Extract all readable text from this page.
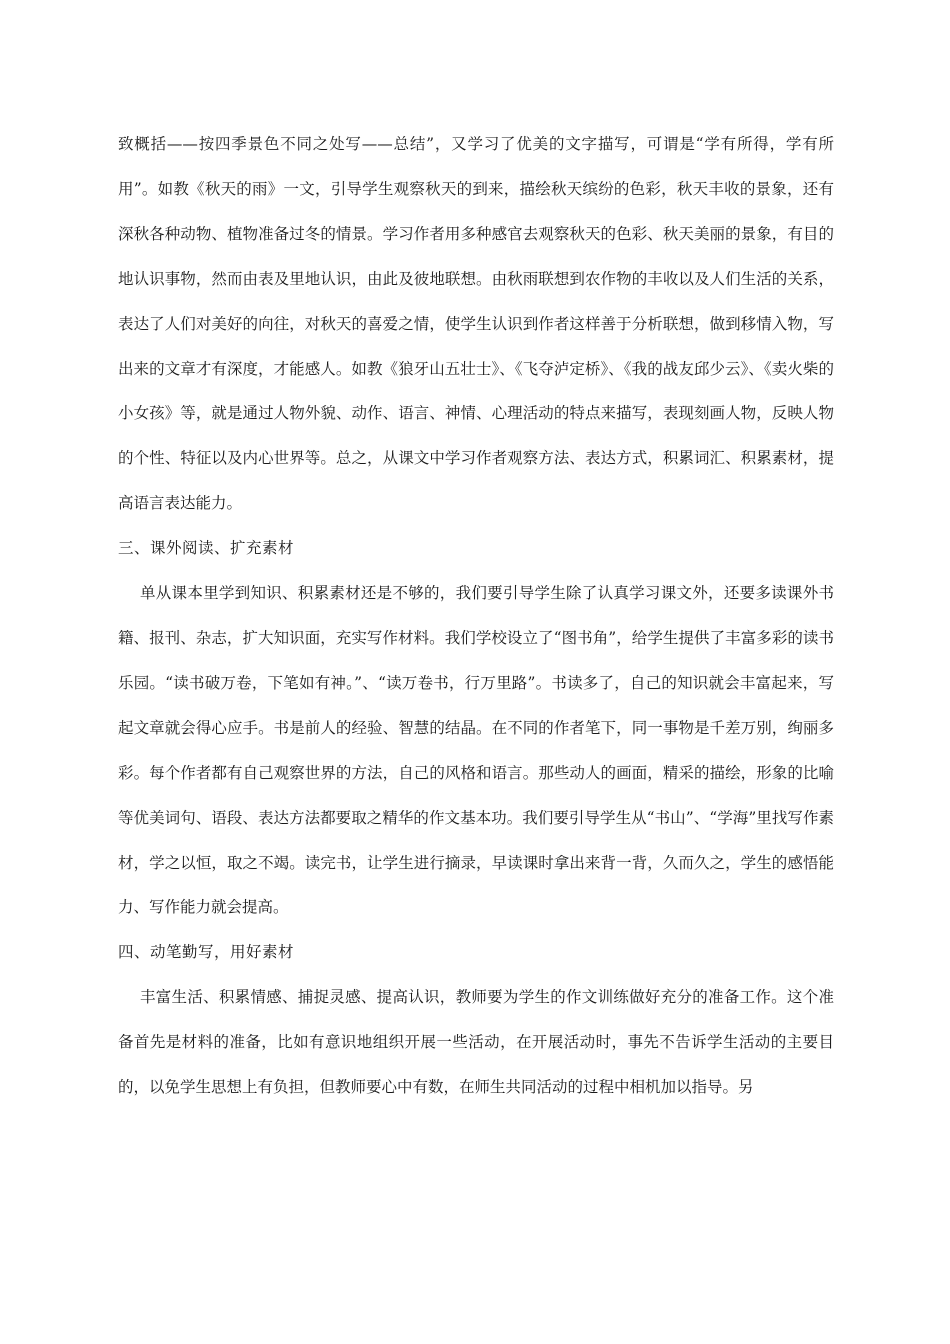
致概括——按四季景色不同之处写——总结”，又学习了优美的文字描写，可谓是“学有所得，学有所用”。如教《秋天的雨》一文，引导学生观察秋天的到来，描绘秋天缤纷的色彩，秋天丰收的景象，还有深秋各种动物、植物准备过冬的情景。学习作者用多种感官去观察秋天的色彩、秋天美丽的景象，有目的地认识事物，然而由表及里地认识，由此及彼地联想。由秋雨联想到农作物的丰收以及人们生活的关系，表达了人们对美好的向往，对秋天的喜爱之情，使学生认识到作者这样善于分析联想，做到移情入物，写出来的文章才有深度，才能感人。如教《狼牙山五壮士》、《飞夺泸定桥》、《我的战友邱少云》、《卖火柴的小女孩》等，就是通过人物外貌、动作、语言、神情、心理活动的特点来描写，表现刻画人物，反映人物的个性、特征以及内心世界等。总之，从课文中学习作者观察方法、表达方式，积累词汇、积累素材，提高语言表达能力。

三、课外阅读、扩充素材

单从课本里学到知识、积累素材还是不够的，我们要引导学生除了认真学习课文外，还要多读课外书籍、报刊、杂志，扩大知识面，充实写作材料。我们学校设立了“图书角”，给学生提供了丰富多彩的读书乐园。“读书破万卷，下笔如有神。”、“读万卷书，行万里路”。书读多了，自己的知识就会丰富起来，写起文章就会得心应手。书是前人的经验、智慧的结晶。在不同的作者笔下，同一事物是千差万别，绚丽多彩。每个作者都有自己观察世界的方法，自己的风格和语言。那些动人的画面，精采的描绘，形象的比喻等优美词句、语段、表达方法都要取之精华的作文基本功。我们要引导学生从“书山”、“学海”里找写作素材，学之以恒，取之不竭。读完书，让学生进行摘录，早读课时拿出来背一背，久而久之，学生的感悟能力、写作能力就会提高。

四、动笔勤写，用好素材

丰富生活、积累情感、捕捉灵感、提高认识，教师要为学生的作文训练做好充分的准备工作。这个准备首先是材料的准备，比如有意识地组织开展一些活动，在开展活动时，事先不告诉学生活动的主要目的，以免学生思想上有负担，但教师要心中有数，在师生共同活动的过程中相机加以指导。另
